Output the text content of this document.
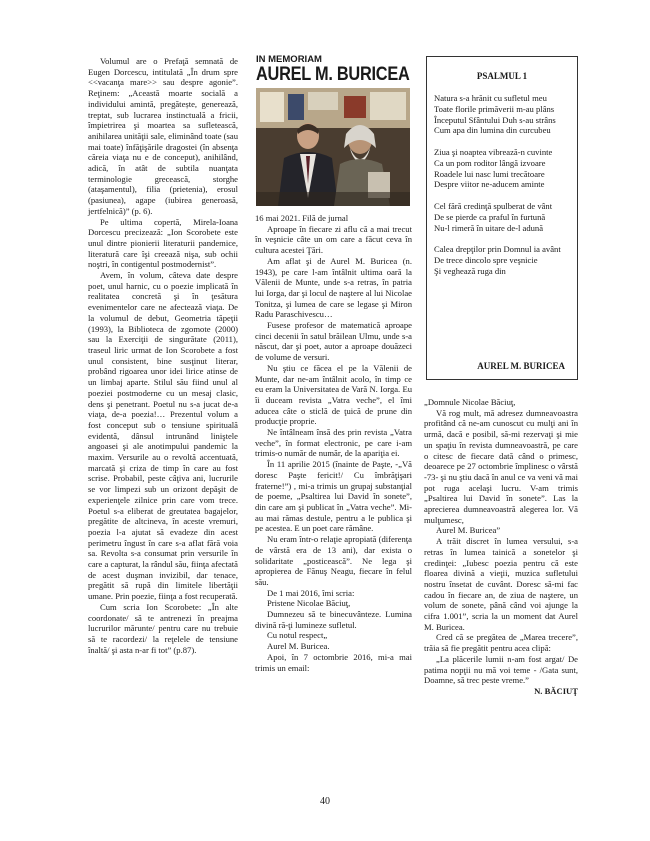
Volumul are o Prefaţă semnată de Eugen Dorcescu, intitulată „În drum spre <<vacanţa mare>> sau despre agonie”. Reţinem: „Această moarte socială a individului amintă, pregătește, generează, treptat, sub lucrarea instinctuală a fricii, împietrirea şi moartea sa sufletească, anihilarea unităţii sale, eliminând toate (sau mai toate) înfăţişările dragostei (în absenţa căreia viaţa nu e de conceput), anihilând, adică, în atât de subtila nuanţata terminologie grecească, storghe (ataşamentul), filia (prietenia), erosul (pasiunea), agape (iubirea generoasă, jertfelnică)” (p. 6).

Pe ultima copertă, Mirela-Ioana Dorcescu precizează: „Ion Scorobete este unul dintre pionierii literaturii pandemice, literatură care îşi creează nişa, sub ochii noştri, în contigentul postmodernist”.

Avem, în volum, câteva date despre poet, unul harnic, cu o poezie implicată în realitatea concretă şi în ţesătura evenimentelor care ne afectează viaţa. De la volumul de debut, Geometria tăpeţii (1993), la Biblioteca de zgomote (2000) sau la Exerciţii de singurătate (2011), traseul liric urmat de Ion Scorobete a fost unul consistent, bine susţinut literar, probând rigoarea unor idei lirice atinse de un limbaj aparte. Stilul său fiind unul al poeziei postmoderne cu un mesaj clasic, dens şi penetrant. Poetul nu s-a jucat de-a viaţa, de-a poezia!… Prezentul volum a fost conceput sub o tensiune spirituală evidentă, dânsul intrunând liniştele angoasei şi ale anotimpului pandemic la maxim. Versurile au o revoltă accentuată, marcată şi criza de timp în care au fost scrise. Probabil, peste câţiva ani, lucrurile se vor limpezi sub un orizont depăşit de experienţele zilnice prin care vom trece. Poetul s-a eliberat de greutatea bagajelor, pregătite de altcineva, în aceste vremuri, poezia l-a ajutat să evadeze din acest perimetru îngust în care s-a aflat fără voia sa. Revolta s-a consumat prin versurile în care a capturat, la rândul său, fiinţa afectată de acest duşman invizibil, dar tenace, pregătit să rupă din limitele libertăţii umane. Prin poezie, fiinţa a fost recuperată.

Cum scria Ion Scorobete: „În alte coordonate/ să te antrenezi în preajma lucrurilor mărunte/ pentru care nu trebuie să te racordezi/ la reţelele de tensiune înaltă/ şi asta n-ar fi tot” (p.87).

IN MEMORIAM
AUREL M. BURICEA

16 mai 2021. Filă de jurnal

Aproape în fiecare zi aflu că a mai trecut în veşnicie câte un om care a făcut ceva în cultura acestei Ţări.

Am aflat şi de Aurel M. Buricea (n. 1943), pe care l-am întâlnit ultima oară la Vălenii de Munte, unde s-a retras, în patria lui Iorga, dar şi locul de naştere al lui Nicolae Tonitza, şi lumea de care se legase şi Miron Radu Paraschivescu…

Fusese profesor de matematică aproape cinci decenii în satul brăilean Ulmu, unde s-a născut, dar şi poet, autor a aproape douăzeci de volume de versuri.

Nu ştiu ce făcea el pe la Vălenii de Munte, dar ne-am întâlnit acolo, în timp ce eu eram la Universitatea de Vară N. Iorga. Eu îi duceam revista „Vatra veche”, el îmi aducea câte o sticlă de ţuică de prune din producţie proprie.

Ne întâlneam însă des prin revista „Vatra veche”, în format electronic, pe care i-am trimis-o număr de număr, de la apariţia ei.

În 11 aprilie 2015 (înainte de Paşte, -„Vă doresc Paşte fericit!/ Cu îmbrăţişari fraterne!”) , mi-a trimis un grupaj substanţial de poeme, „Psaltirea lui David în sonete”, din care am şi publicat în „Vatra veche”. Mi-au mai rămas destule, pentru a le publica şi pe acestea. E un poet care rămâne.

Nu eram într-o relaţie apropiată (diferenţa de vârstă era de 13 ani), dar exista o solidaritate „posticească”. Ne lega şi apropierea de Fănuş Neagu, fiecare în felul său.

De 1 mai 2016, îmi scria:

Pristene Nicolae Băciuţ,

Dumnezeu să te binecuvânteze. Lumina divină ră-ţi lumineze sufletul.

Cu notul respect„

Aurel M. Buricea.

Apoi, în 7 octombrie 2016, mi-a mai trimis un email:

PSALMUL 1
Natura s-a hrănit cu sufletul meu
Toate florile primăverii m-au plâns
Începutul Sfântului Duh s-au strâns
Cum apa din lumina din curcubeu
Ziua şi noaptea vibrează-n cuvinte
Ca un pom roditor lângă izvoare
Roadele lui nasc lumi trecătoare
Despre viitor ne-aducem aminte
Cel fără credinţă spulberat de vânt
De se pierde ca praful în furtună
Nu-l rimeră în uitare de-l adună
Calea drepţilor prin Domnul ia avânt
De trece dincolo spre veşnicie
Şi veghează ruga din
AUREL M. BURICEA

„Domnule Nicolae Băciuţ,

Vă rog mult, mă adresez dumneavoastra profitând că ne-am cunoscut cu mulţi ani în urmă, dacă e posibil, să-mi rezervaţi şi mie un spaţiu în revista dumneavoastră, pe care o citesc de fiecare dată când o primesc, deoarece pe 27 octombrie împlinesc o vârstă -73- şi nu ştiu dacă în anul ce va veni vă mai pot ruga acelaşi lucru. V-am trimis „Psaltirea lui David în sonete”. Las la aprecierea dumneavoastră alegerea lor. Vă mulţumesc,

Aurel M. Buricea”

A trăit discret în lumea versului, s-a retras în lumea tainică a sonetelor şi credinţei: „Iubesc poezia pentru că este floarea divină a vieţii, muzica sufletului nostru însetat de cuvânt. Doresc să-mi fac cadou în fiecare an, de ziua de naştere, un volum de sonete, până când voi ajunge la cifra 1.001”, scria la un moment dat Aurel M. Buricea.

Cred că se pregătea de „Marea trecere”, trăia să fie pregătit pentru acea clipă:

„La plăcerile lumii n-am fost argat/ De patima nopţii nu mă voi teme - /Gata sunt, Doamne, să trec peste vreme.”

N. BĂCIUŢ

40
